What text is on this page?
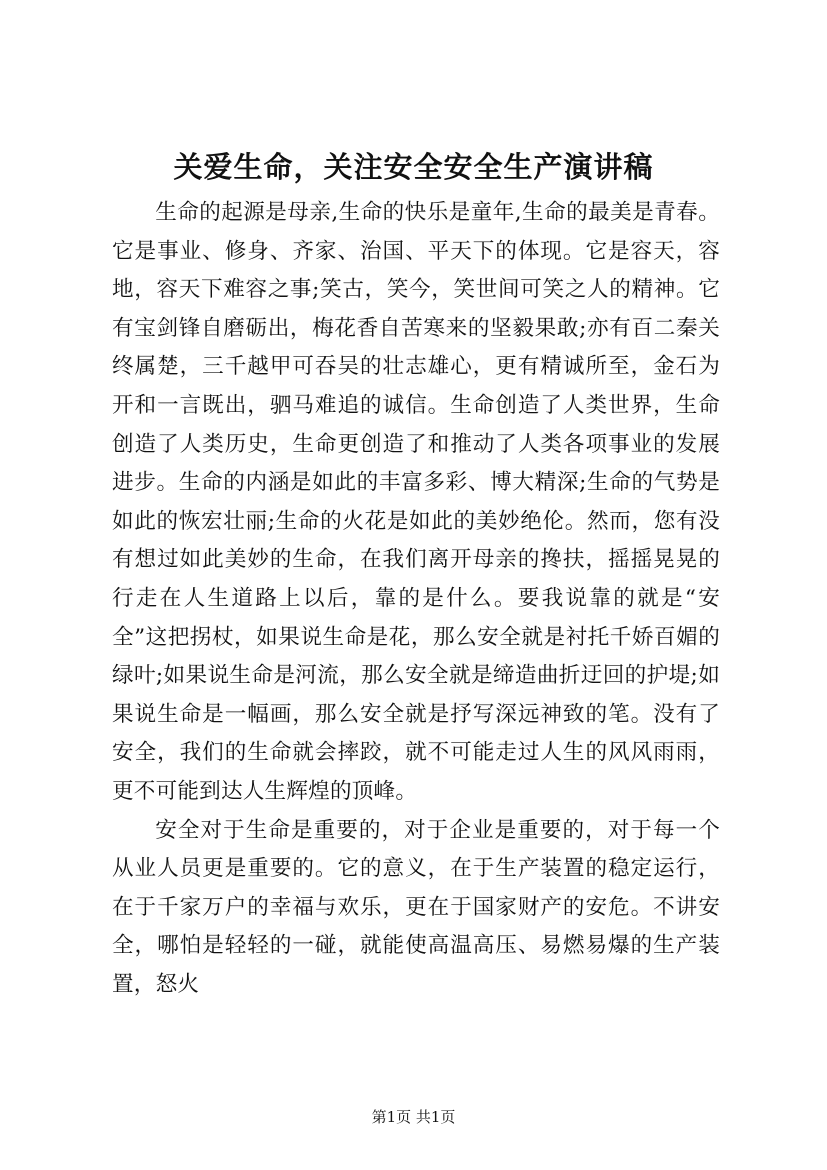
关爱生命，关注安全安全生产演讲稿

生命的起源是母亲,生命的快乐是童年,生命的最美是青春。它是事业、修身、齐家、治国、平天下的体现。它是容天，容地，容天下难容之事;笑古，笑今，笑世间可笑之人的精神。它有宝剑锋自磨砺出，梅花香自苦寒来的坚毅果敢;亦有百二秦关终属楚，三千越甲可吞吴的壮志雄心，更有精诚所至，金石为开和一言既出，驷马难追的诚信。生命创造了人类世界，生命创造了人类历史，生命更创造了和推动了人类各项事业的发展进步。生命的内涵是如此的丰富多彩、博大精深;生命的气势是如此的恢宏壮丽;生命的火花是如此的美妙绝伦。然而，您有没有想过如此美妙的生命，在我们离开母亲的搀扶，摇摇晃晃的行走在人生道路上以后，靠的是什么。要我说靠的就是“安全”这把拐杖，如果说生命是花，那么安全就是衬托千娇百媚的绿叶;如果说生命是河流，那么安全就是缔造曲折迂回的护堤;如果说生命是一幅画，那么安全就是抒写深远神致的笔。没有了安全，我们的生命就会摔跤，就不可能走过人生的风风雨雨，更不可能到达人生辉煌的顶峰。

安全对于生命是重要的，对于企业是重要的，对于每一个从业人员更是重要的。它的意义，在于生产装置的稳定运行，在于千家万户的幸福与欢乐，更在于国家财产的安危。不讲安全，哪怕是轻轻的一碰，就能使高温高压、易燃易爆的生产装置，怒火

第1页 共1页
